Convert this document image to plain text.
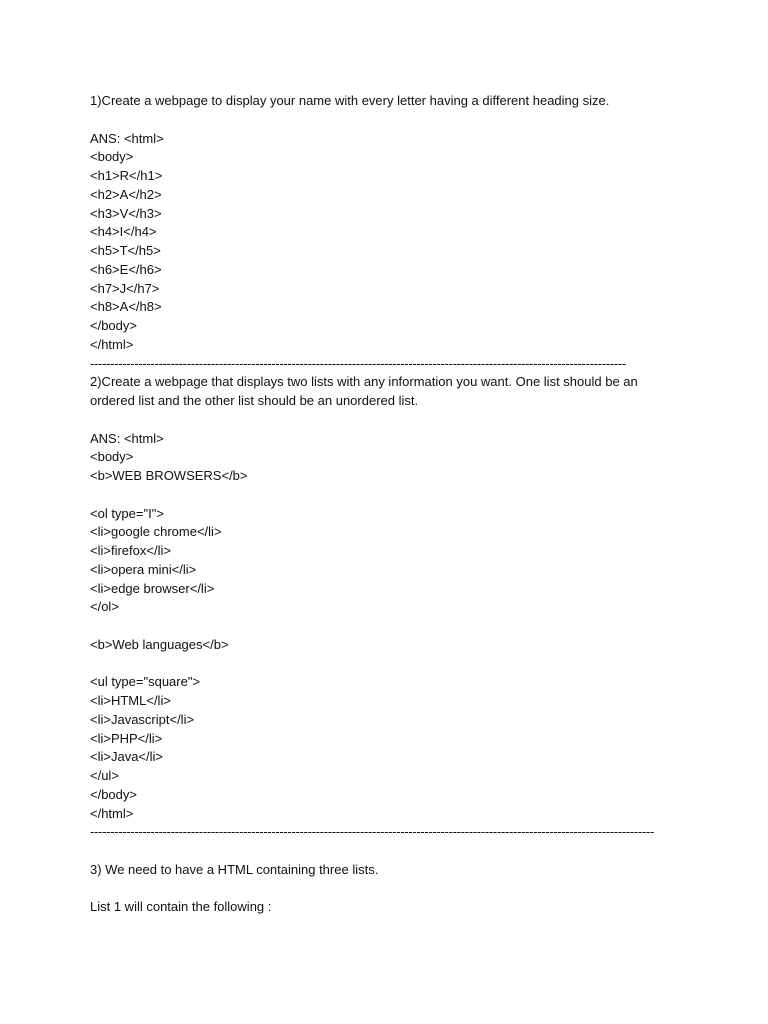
1)Create a webpage to display your name with every letter having a different heading size.
ANS: <html>
<body>
<h1>R</h1>
<h2>A</h2>
<h3>V</h3>
<h4>I</h4>
<h5>T</h5>
<h6>E</h6>
<h7>J</h7>
<h8>A</h8>
</body>
</html>
-------------------------------------------------------------------------------------------------------------------------------------
2)Create a webpage that displays two lists with any information you want. One list should be an ordered list and the other list should be an unordered list.
ANS: <html>
<body>
<b>WEB BROWSERS</b>
<ol type="I">
<li>google chrome</li>
<li>firefox</li>
<li>opera mini</li>
<li>edge browser</li>
</ol>
<b>Web languages</b>
<ul type="square">
<li>HTML</li>
<li>Javascript</li>
<li>PHP</li>
<li>Java</li>
</ul>
</body>
</html>
--------------------------------------------------------------------------------------------------------------------------------------------
3) We need to have a HTML containing three lists.
List 1 will contain the following :
